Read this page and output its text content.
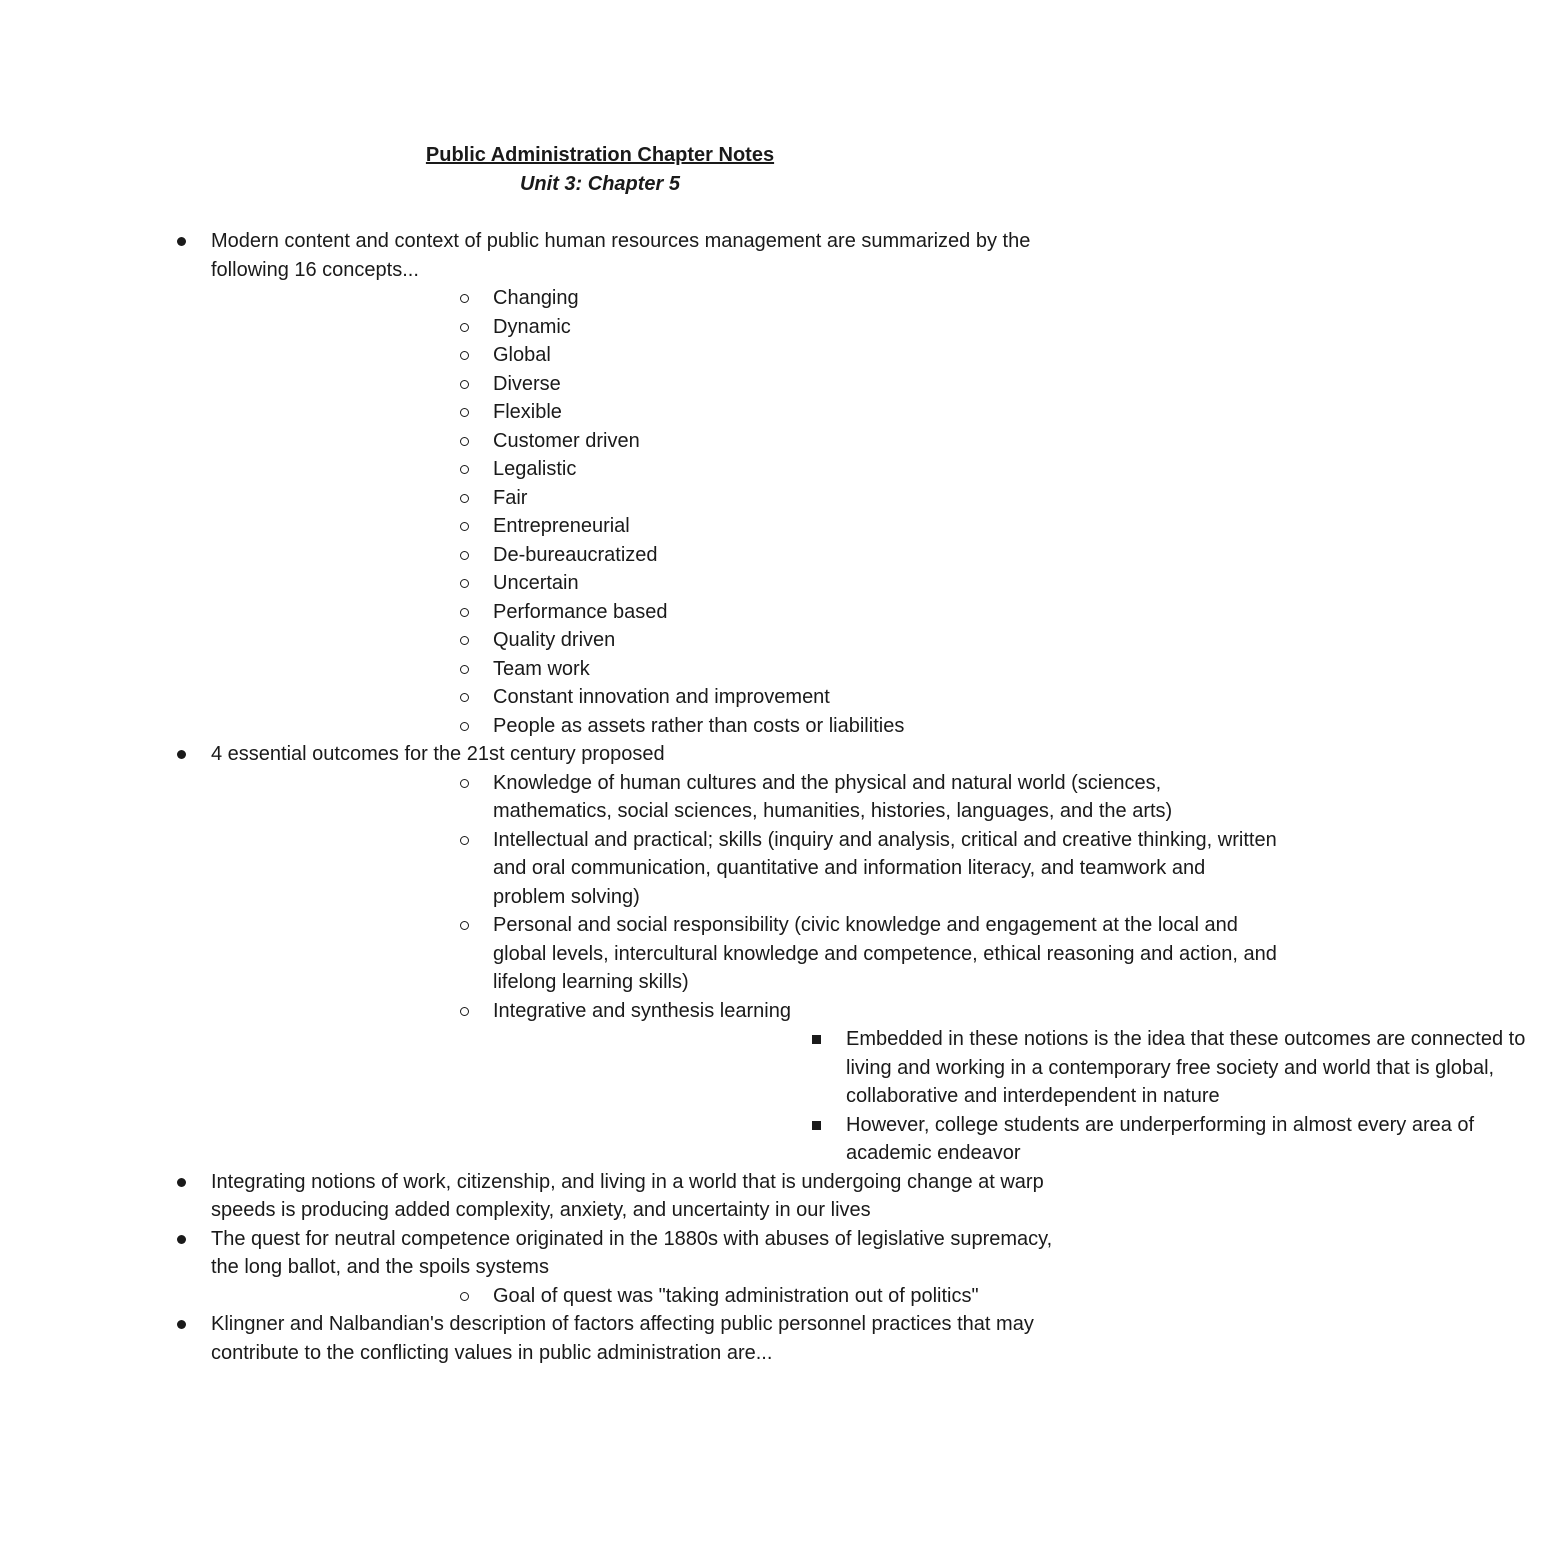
Public Administration Chapter Notes
Unit 3: Chapter 5
Modern content and context of public human resources management are summarized by the following 16 concepts...
Changing
Dynamic
Global
Diverse
Flexible
Customer driven
Legalistic
Fair
Entrepreneurial
De-bureaucratized
Uncertain
Performance based
Quality driven
Team work
Constant innovation and improvement
People as assets rather than costs or liabilities
4 essential outcomes for the 21st century proposed
Knowledge of human cultures and the physical and natural world (sciences, mathematics, social sciences, humanities, histories, languages, and the arts)
Intellectual and practical; skills (inquiry and analysis, critical and creative thinking, written and oral communication, quantitative and information literacy, and teamwork and problem solving)
Personal and social responsibility (civic knowledge and engagement at the local and global levels, intercultural knowledge and competence, ethical reasoning and action, and lifelong learning skills)
Integrative and synthesis learning
Embedded in these notions is the idea that these outcomes are connected to living and working in a contemporary free society and world that is global, collaborative and interdependent in nature
However, college students are underperforming in almost every area of academic endeavor
Integrating notions of work, citizenship, and living in a world that is undergoing change at warp speeds is producing added complexity, anxiety, and uncertainty in our lives
The quest for neutral competence originated in the 1880s with abuses of legislative supremacy, the long ballot, and the spoils systems
Goal of quest was "taking administration out of politics"
Klingner and Nalbandian's description of factors affecting public personnel practices that may contribute to the conflicting values in public administration are...
